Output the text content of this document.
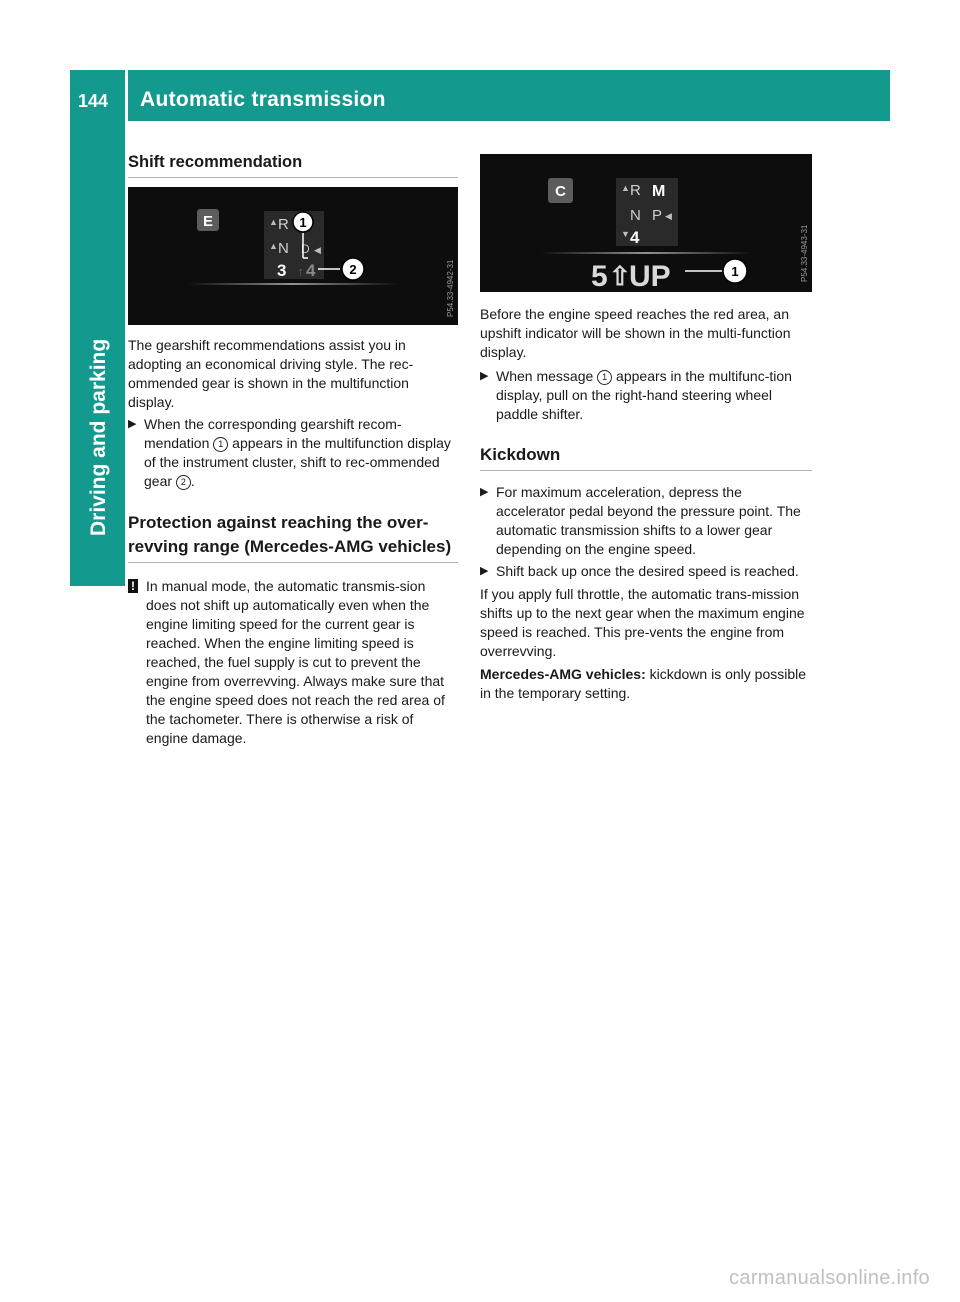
144	Automatic transmission
Driving and parking
Shift recommendation
E	▲ R
▲ N D ◀
3 ↑ 4
1
2	P54.33-4942-31

The gearshift recommendations assist you in adopting an economical driving style. The rec-ommended gear is shown in the multifunction display.

▶ When the corresponding gearshift recom-mendation 1 appears in the multifunction display of the instrument cluster, shift to rec-ommended gear 2 .

Protection against reaching the over-revving range (Mercedes-AMG vehicles)
! In manual mode, the automatic transmis-sion does not shift up automatically even when the engine limiting speed for the current gear is reached. When the engine limiting speed is reached, the fuel supply is cut to prevent the engine from overrevving. Always make sure that the engine speed does not reach the red area of the tachometer. There is otherwise a risk of engine damage.

C	▲ R M
N P ◀
▼ 4
5 ⇧
UP	1	P54.33-4943-31

Before the engine speed reaches the red area, an upshift indicator will be shown in the multi-function display.

▶ When message 1 appears in the multifunc-tion display, pull on the right-hand steering wheel paddle shifter.

Kickdown
▶ For maximum acceleration, depress the accelerator pedal beyond the pressure point. The automatic transmission shifts to a lower gear depending on the engine speed.

▶ Shift back up once the desired speed is reached.

If you apply full throttle, the automatic trans-mission shifts up to the next gear when the maximum engine speed is reached. This pre-vents the engine from overrevving.

Mercedes-AMG vehicles: kickdown is only possible in the temporary setting.

carmanualsonline.info
